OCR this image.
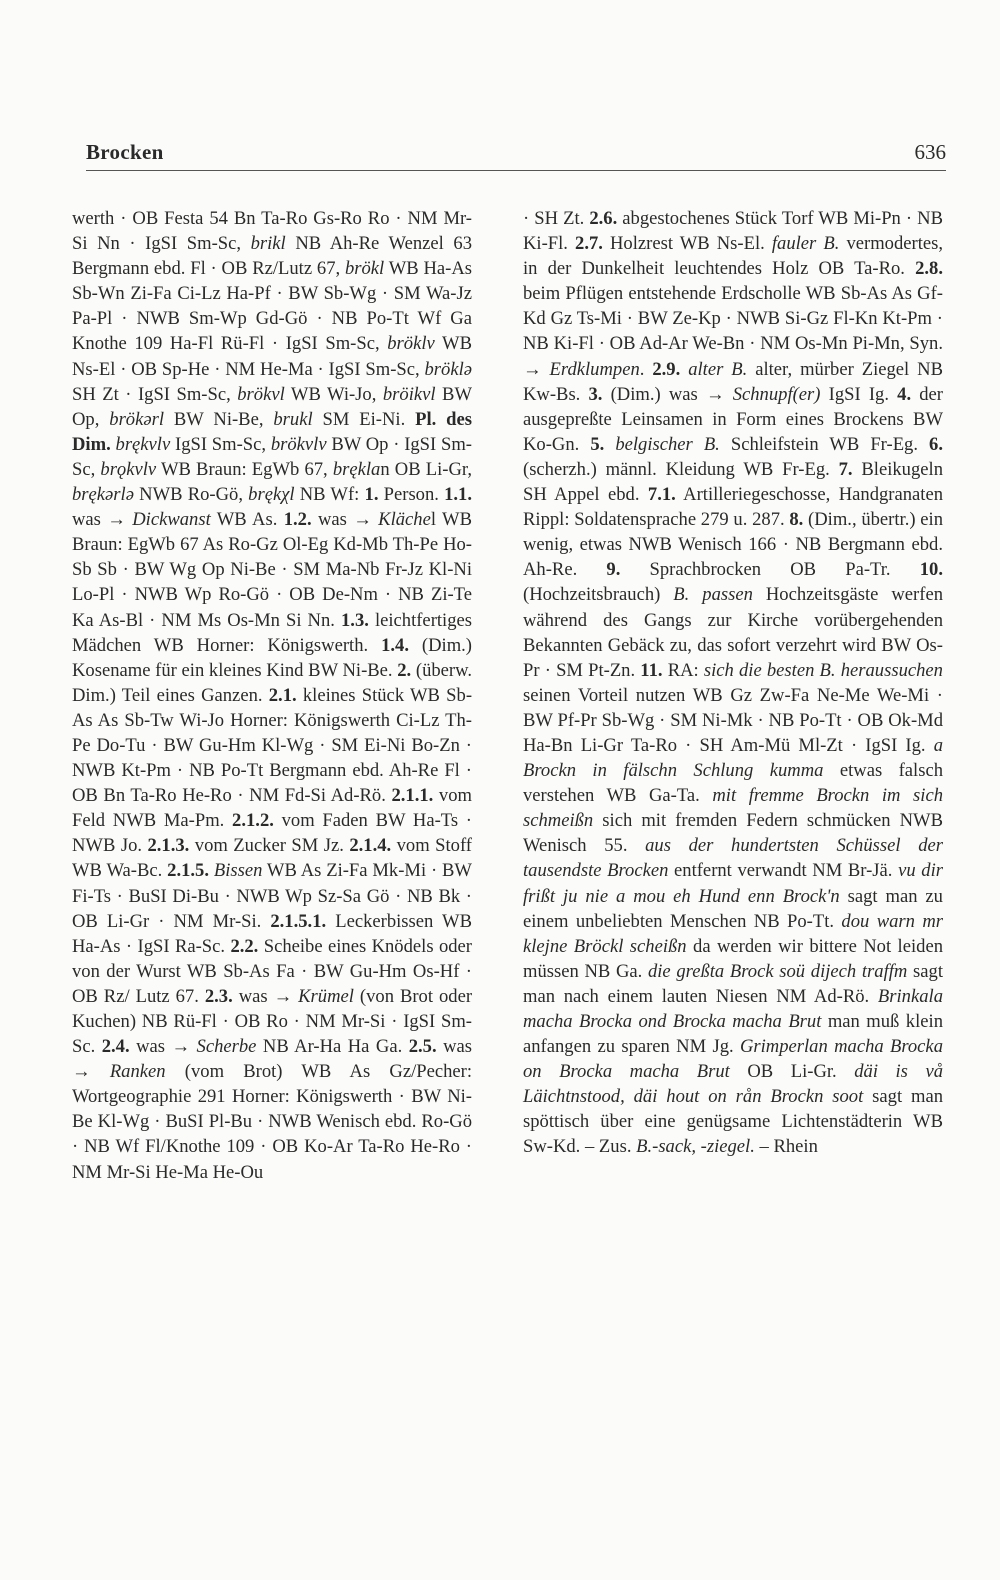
Brocken	636

werth · OB Festa 54 Bn Ta-Ro Gs-Ro Ro · NM Mr-Si Nn · IgSI Sm-Sc, brikl NB Ah-Re Wenzel 63 Bergmann ebd. Fl · OB Rz/Lutz 67, brökl WB Ha-As Sb-Wn Zi-Fa Ci-Lz Ha-Pf · BW Sb-Wg · SM Wa-Jz Pa-Pl · NWB Sm-Wp Gd-Gö · NB Po-Tt Wf Ga Knothe 109 Ha-Fl Rü-Fl · IgSI Sm-Sc, bröklv WB Ns-El · OB Sp-He · NM He-Ma · IgSI Sm-Sc, bröklə SH Zt · IgSI Sm-Sc, brökvl WB Wi-Jo, bröikvl BW Op, brökərl BW Ni-Be, brukl SM Ei-Ni. Pl. des Dim. brękvlv IgSI Sm-Sc, brökvlv BW Op · IgSI Sm-Sc, brǫkvlv WB Braun: EgWb 67, bręklan OB Li-Gr, brękərlə NWB Ro-Gö, brękχl NB Wf: 1. Person. 1.1. was → Dickwanst WB As. 1.2. was → Klächel WB Braun: EgWb 67 As Ro-Gz Ol-Eg Kd-Mb Th-Pe Ho-Sb Sb · BW Wg Op Ni-Be · SM Ma-Nb Fr-Jz Kl-Ni Lo-Pl · NWB Wp Ro-Gö · OB De-Nm · NB Zi-Te Ka As-Bl · NM Ms Os-Mn Si Nn. 1.3. leichtfertiges Mädchen WB Horner: Königswerth. 1.4. (Dim.) Kosename für ein kleines Kind BW Ni-Be. 2. (überw. Dim.) Teil eines Ganzen. 2.1. kleines Stück WB Sb-As As Sb-Tw Wi-Jo Horner: Königswerth Ci-Lz Th-Pe Do-Tu · BW Gu-Hm Kl-Wg · SM Ei-Ni Bo-Zn · NWB Kt-Pm · NB Po-Tt Bergmann ebd. Ah-Re Fl · OB Bn Ta-Ro He-Ro · NM Fd-Si Ad-Rö. 2.1.1. vom Feld NWB Ma-Pm. 2.1.2. vom Faden BW Ha-Ts · NWB Jo. 2.1.3. vom Zucker SM Jz. 2.1.4. vom Stoff WB Wa-Bc. 2.1.5. Bissen WB As Zi-Fa Mk-Mi · BW Fi-Ts · BuSI Di-Bu · NWB Wp Sz-Sa Gö · NB Bk · OB Li-Gr · NM Mr-Si. 2.1.5.1. Leckerbissen WB Ha-As · IgSI Ra-Sc. 2.2. Scheibe eines Knödels oder von der Wurst WB Sb-As Fa · BW Gu-Hm Os-Hf · OB Rz/ Lutz 67. 2.3. was → Krümel (von Brot oder Kuchen) NB Rü-Fl · OB Ro · NM Mr-Si · IgSI Sm-Sc. 2.4. was → Scherbe NB Ar-Ha Ha Ga. 2.5. was → Ranken (vom Brot) WB As Gz/Pecher: Wortgeographie 291 Horner: Königswerth · BW Ni-Be Kl-Wg · BuSI Pl-Bu · NWB Wenisch ebd. Ro-Gö · NB Wf Fl/Knothe 109 · OB Ko-Ar Ta-Ro He-Ro · NM Mr-Si He-Ma He-Ou

· SH Zt. 2.6. abgestochenes Stück Torf WB Mi-Pn · NB Ki-Fl. 2.7. Holzrest WB Ns-El. fauler B. vermodertes, in der Dunkelheit leuchtendes Holz OB Ta-Ro. 2.8. beim Pflügen entstehende Erdscholle WB Sb-As As Gf-Kd Gz Ts-Mi · BW Ze-Kp · NWB Si-Gz Fl-Kn Kt-Pm · NB Ki-Fl · OB Ad-Ar We-Bn · NM Os-Mn Pi-Mn, Syn. → Erdklumpen. 2.9. alter B. alter, mürber Ziegel NB Kw-Bs. 3. (Dim.) was → Schnupf(er) IgSI Ig. 4. der ausgepreßte Leinsamen in Form eines Brockens BW Ko-Gn. 5. belgischer B. Schleifstein WB Fr-Eg. 6. (scherzh.) männl. Kleidung WB Fr-Eg. 7. Bleikugeln SH Appel ebd. 7.1. Artilleriegeschosse, Handgranaten Rippl: Soldatensprache 279 u. 287. 8. (Dim., übertr.) ein wenig, etwas NWB Wenisch 166 · NB Bergmann ebd. Ah-Re. 9. Sprachbrocken OB Pa-Tr. 10. (Hochzeitsbrauch) B. passen Hochzeitsgäste werfen während des Gangs zur Kirche vorübergehenden Bekannten Gebäck zu, das sofort verzehrt wird BW Os-Pr · SM Pt-Zn. 11. RA: sich die besten B. heraussuchen seinen Vorteil nutzen WB Gz Zw-Fa Ne-Me We-Mi · BW Pf-Pr Sb-Wg · SM Ni-Mk · NB Po-Tt · OB Ok-Md Ha-Bn Li-Gr Ta-Ro · SH Am-Mü Ml-Zt · IgSI Ig. a Brockn in fälschn Schlung kumma etwas falsch verstehen WB Ga-Ta. mit fremme Brockn im sich schmeißn sich mit fremden Federn schmücken NWB Wenisch 55. aus der hundertsten Schüssel der tausendste Brocken entfernt verwandt NM Br-Jä. vu dir frißt ju nie a mou eh Hund enn Brock'n sagt man zu einem unbeliebten Menschen NB Po-Tt. dou warn mr klejne Bröckl scheißn da werden wir bittere Not leiden müssen NB Ga. die greßta Brock soü dijech traffm sagt man nach einem lauten Niesen NM Ad-Rö. Brinkala macha Brocka ond Brocka macha Brut man muß klein anfangen zu sparen NM Jg. Grimperlan macha Brocka on Brocka macha Brut OB Li-Gr. däi is vå Läichtnstood, däi hout on rån Brockn soot sagt man spöttisch über eine genügsame Lichtenstädterin WB Sw-Kd. – Zus. B.-sack, -ziegel. – Rhein
